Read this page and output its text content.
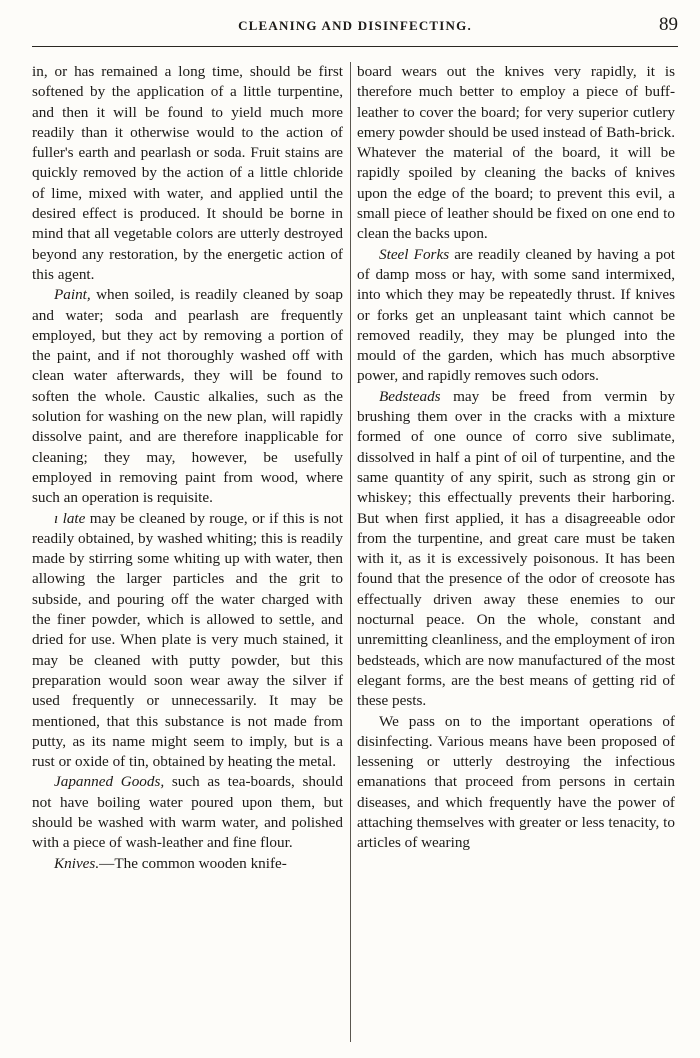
CLEANING AND DISINFECTING.	89

in, or has remained a long time, should be first softened by the application of a little turpentine, and then it will be found to yield much more readily than it otherwise would to the action of fuller's earth and pearlash or soda. Fruit stains are quickly removed by the action of a little chloride of lime, mixed with water, and applied until the desired effect is produced. It should be borne in mind that all vegetable colors are utterly destroyed beyond any restoration, by the energetic action of this agent.

Paint, when soiled, is readily cleaned by soap and water; soda and pearlash are frequently employed, but they act by removing a portion of the paint, and if not thoroughly washed off with clean water afterwards, they will be found to soften the whole. Caustic alkalies, such as the solution for washing on the new plan, will rapidly dissolve paint, and are therefore inapplicable for cleaning; they may, however, be usefully employed in removing paint from wood, where such an operation is requisite.

ı late may be cleaned by rouge, or if this is not readily obtained, by washed whiting; this is readily made by stirring some whiting up with water, then allowing the larger particles and the grit to subside, and pouring off the water charged with the finer powder, which is allowed to settle, and dried for use. When plate is very much stained, it may be cleaned with putty powder, but this preparation would soon wear away the silver if used frequently or unnecessarily. It may be mentioned, that this substance is not made from putty, as its name might seem to imply, but is a rust or oxide of tin, obtained by heating the metal.

Japanned Goods, such as tea-boards, should not have boiling water poured upon them, but should be washed with warm water, and polished with a piece of wash-leather and fine flour.

Knives.—The common wooden knife-

board wears out the knives very rapidly, it is therefore much better to employ a piece of buff-leather to cover the board; for very superior cutlery emery powder should be used instead of Bath-brick. Whatever the material of the board, it will be rapidly spoiled by cleaning the backs of knives upon the edge of the board; to prevent this evil, a small piece of leather should be fixed on one end to clean the backs upon.

Steel Forks are readily cleaned by having a pot of damp moss or hay, with some sand intermixed, into which they may be repeatedly thrust. If knives or forks get an unpleasant taint which cannot be removed readily, they may be plunged into the mould of the garden, which has much absorptive power, and rapidly removes such odors.

Bedsteads may be freed from vermin by brushing them over in the cracks with a mixture formed of one ounce of corro sive sublimate, dissolved in half a pint of oil of turpentine, and the same quantity of any spirit, such as strong gin or whiskey; this effectually prevents their harboring. But when first applied, it has a disagreeable odor from the turpentine, and great care must be taken with it, as it is excessively poisonous. It has been found that the presence of the odor of creosote has effectually driven away these enemies to our nocturnal peace. On the whole, constant and unremitting cleanliness, and the employment of iron bedsteads, which are now manufactured of the most elegant forms, are the best means of getting rid of these pests.

We pass on to the important operations of disinfecting. Various means have been proposed of lessening or utterly destroying the infectious emanations that proceed from persons in certain diseases, and which frequently have the power of attaching themselves with greater or less tenacity, to articles of wearing
